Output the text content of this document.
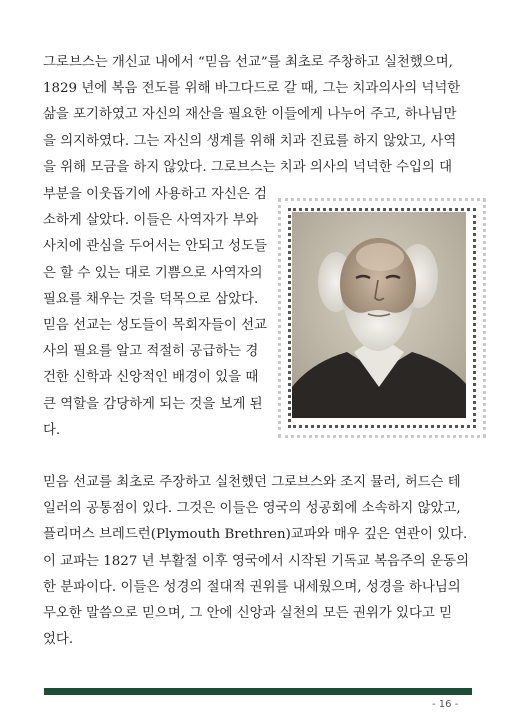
그로브스는 개신교 내에서 “믿음 선교”를 최초로 주창하고 실천했으며,
1829 년에 복음 전도를 위해 바그다드로 갈 때, 그는 치과의사의 넉넉한
삶을 포기하였고 자신의 재산을 필요한 이들에게 나누어 주고, 하나님만
을 의지하였다. 그는 자신의 생계를 위해 치과 진료를 하지 않았고, 사역
을 위해 모금을 하지 않았다. 그로브스는 치과 의사의 넉넉한 수입의 대
부분을 이웃돕기에 사용하고 자신은 검
소하게 살았다. 이들은 사역자가 부와
사치에 관심을 두어서는 안되고 성도들
은 할 수 있는 대로 기쁨으로 사역자의
필요를 채우는 것을 덕목으로 삼았다.
믿음 선교는 성도들이 목회자들이 선교
사의 필요를 알고 적절히 공급하는 경
건한 신학과 신앙적인 배경이 있을 때
큰 역할을 감당하게 되는 것을 보게 된
다.
믿음 선교를 최초로 주장하고 실천했던 그로브스와 조지 뮬러, 허드슨 테
일러의 공통점이 있다. 그것은 이들은 영국의 성공회에 소속하지 않았고,
플리머스 브레드런(Plymouth Brethren)교파와 매우 깊은 연관이 있다.
이 교파는 1827 년 부활절 이후 영국에서 시작된 기독교 복음주의 운동의
한 분파이다. 이들은 성경의 절대적 권위를 내세웠으며, 성경을 하나님의
무오한 말씀으로 믿으며, 그 안에 신앙과 실천의 모든 권위가 있다고 믿
었다.
- 16 -
